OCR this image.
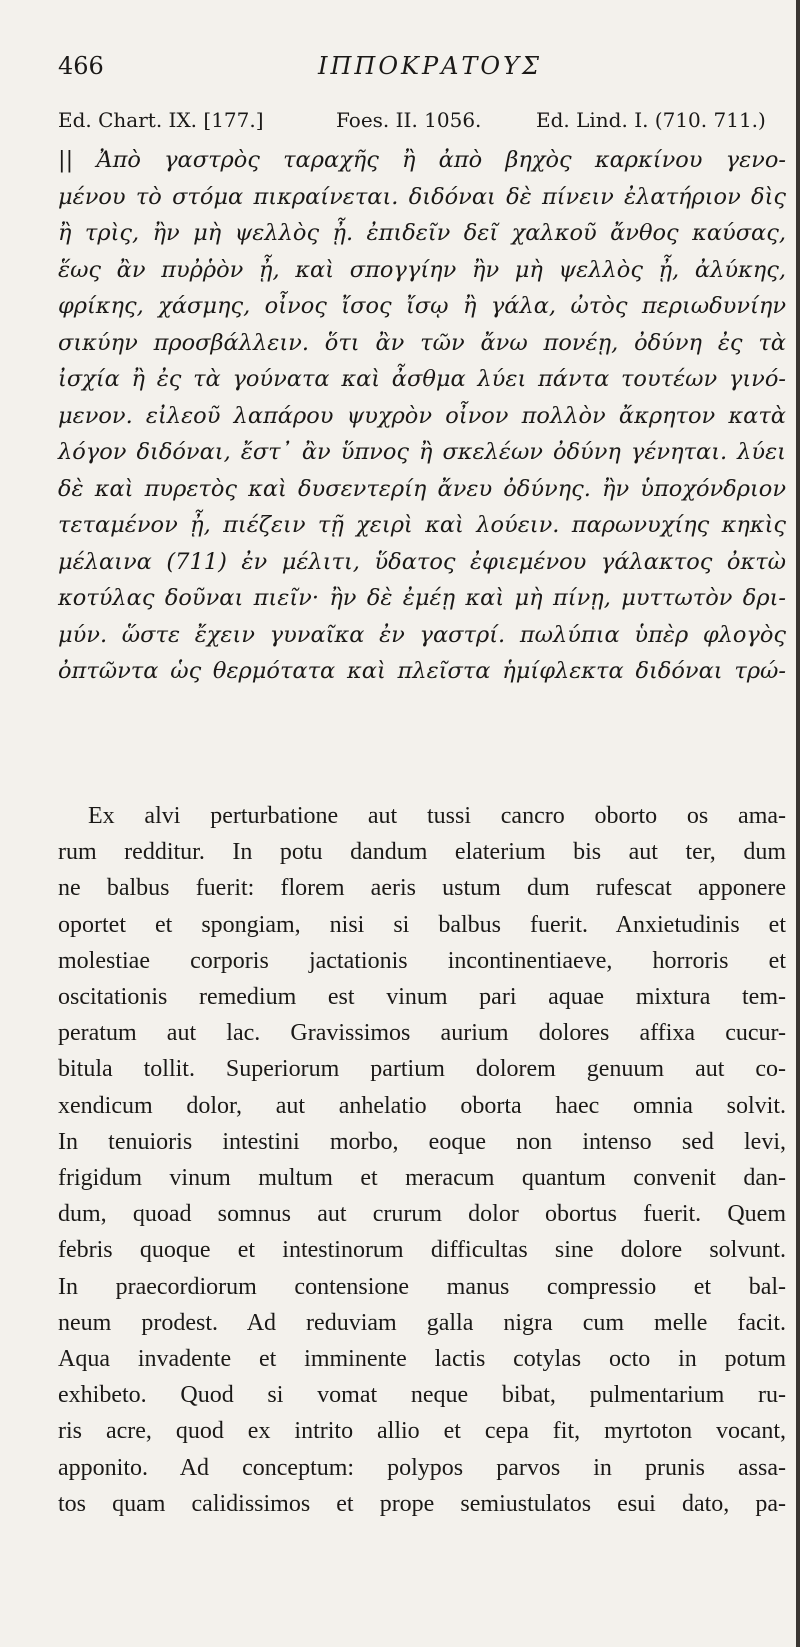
466	ΙΠΠΟΚΡΑΤΟΥΣ
Ed. Chart. IX. [177.]	Foes. II. 1056.	Ed. Lind. I. (710. 711.)
|| Ἀπὸ γαστρὸς ταραχῆς ἢ ἀπὸ βηχὸς καρκίνου γενο-
μένου τὸ στόμα πικραίνεται. διδόναι δὲ πίνειν ἐλατήριον δὶς
ἢ τρὶς, ἢν μὴ ψελλὸς ᾖ. ἐπιδεῖν δεῖ χαλκοῦ ἄνθος καύσας,
ἕως ἂν πυῤῥὸν ᾖ, καὶ σπογγίην ἢν μὴ ψελλὸς ᾖ, ἀλύκης,
φρίκης, χάσμης, οἶνος ἴσος ἴσῳ ἢ γάλα, ὠτὸς περιωδυνίην
σικύην προσβάλλειν. ὅτι ἂν τῶν ἄνω πονέῃ, ὀδύνη ἐς τὰ
ἰσχία ἢ ἐς τὰ γούνατα καὶ ἆσθμα λύει πάντα τουτέων γινό-
μενον. εἰλεοῦ λαπάρου ψυχρὸν οἶνον πολλὸν ἄκρητον κατὰ
λόγον διδόναι, ἔστ᾽ ἂν ὕπνος ἢ σκελέων ὀδύνη γένηται. λύει
δὲ καὶ πυρετὸς καὶ δυσεντερίη ἄνευ ὀδύνης. ἢν ὑποχόνδριον
τεταμένον ᾖ, πιέζειν τῇ χειρὶ καὶ λούειν. παρωνυχίης κηκὶς
μέλαινα (711) ἐν μέλιτι, ὕδατος ἐφιεμένου γάλακτος ὀκτὼ
κοτύλας δοῦναι πιεῖν· ἢν δὲ ἐμέῃ καὶ μὴ πίνῃ, μυττωτὸν δρι-
μύν. ὥστε ἔχειν γυναῖκα ἐν γαστρί. πωλύπια ὑπὲρ φλογὸς
ὀπτῶντα ὡς θερμότατα καὶ πλεῖστα ἡμίφλεκτα διδόναι τρώ-
Ex alvi perturbatione aut tussi cancro oborto os ama-
rum redditur. In potu dandum elaterium bis aut ter, dum
ne balbus fuerit: florem aeris ustum dum rufescat apponere
oportet et spongiam, nisi si balbus fuerit. Anxietudinis et
molestiae corporis jactationis incontinentiaeve, horroris et
oscitationis remedium est vinum pari aquae mixtura tem-
peratum aut lac. Gravissimos aurium dolores affixa cucur-
bitula tollit. Superiorum partium dolorem genuum aut co-
xendicum dolor, aut anhelatio oborta haec omnia solvit.
In tenuioris intestini morbo, eoque non intenso sed levi,
frigidum vinum multum et meracum quantum convenit dan-
dum, quoad somnus aut crurum dolor obortus fuerit. Quem
febris quoque et intestinorum difficultas sine dolore solvunt.
In praecordiorum contensione manus compressio et bal-
neum prodest. Ad reduviam galla nigra cum melle facit.
Aqua invadente et imminente lactis cotylas octo in potum
exhibeto. Quod si vomat neque bibat, pulmentarium ru-
ris acre, quod ex intrito allio et cepa fit, myrtoton vocant,
apponito. Ad conceptum: polypos parvos in prunis assa-
tos quam calidissimos et prope semiustulatos esui dato, pa-
